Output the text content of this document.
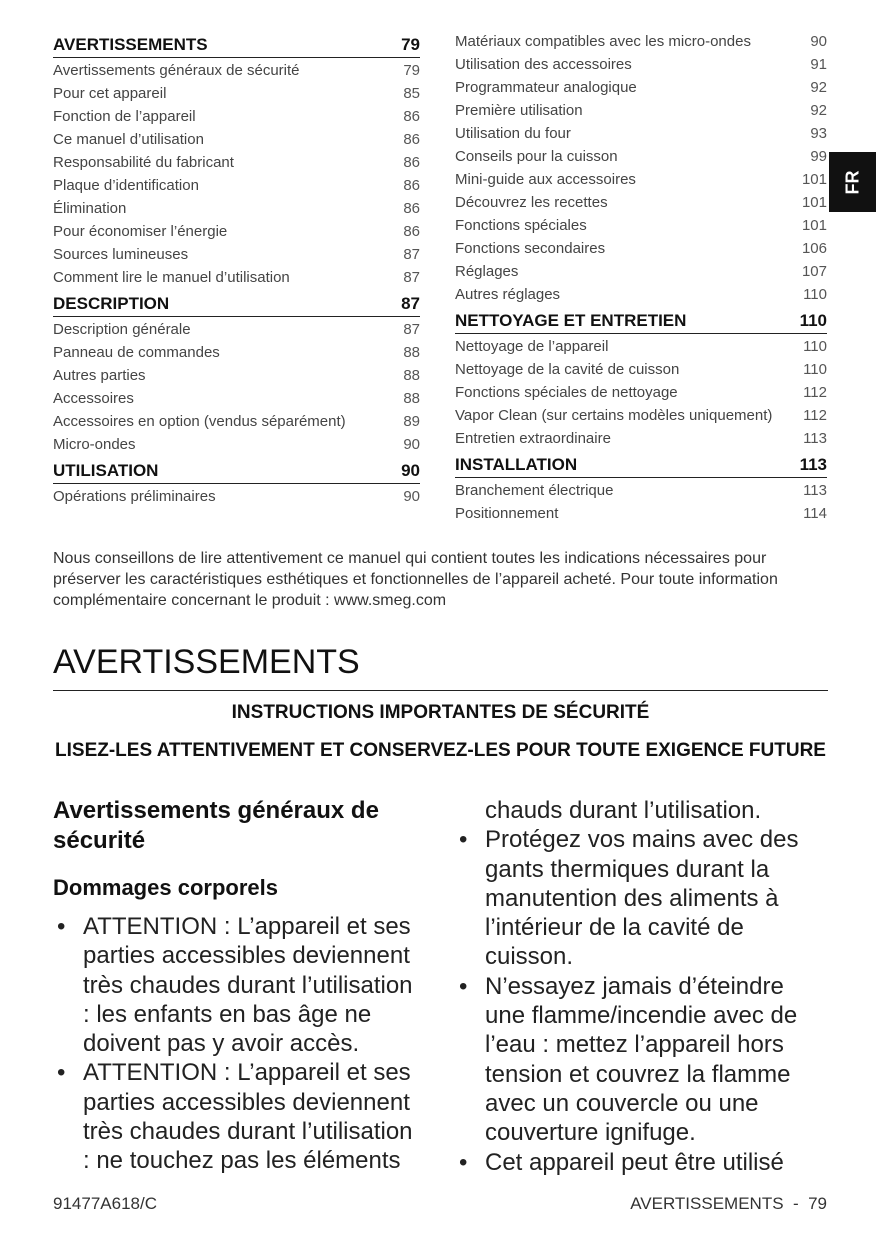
AVERTISSEMENTS	79
Avertissements généraux de sécurité	79
Pour cet appareil	85
Fonction de l’appareil	86
Ce manuel d’utilisation	86
Responsabilité du fabricant	86
Plaque d’identification	86
Élimination	86
Pour économiser l’énergie	86
Sources lumineuses	87
Comment lire le manuel d’utilisation	87
DESCRIPTION	87
Description générale	87
Panneau de commandes	88
Autres parties	88
Accessoires	88
Accessoires en option (vendus séparément)	89
Micro-ondes	90
UTILISATION	90
Opérations préliminaires	90
Matériaux compatibles avec les micro-ondes	90
Utilisation des accessoires	91
Programmateur analogique	92
Première utilisation	92
Utilisation du four	93
Conseils pour la cuisson	99
Mini-guide aux accessoires	101
Découvrez les recettes	101
Fonctions spéciales	101
Fonctions secondaires	106
Réglages	107
Autres réglages	110
NETTOYAGE ET ENTRETIEN	110
Nettoyage de l’appareil	110
Nettoyage de la cavité de cuisson	110
Fonctions spéciales de nettoyage	112
Vapor Clean (sur certains modèles uniquement) 112
Entretien extraordinaire	113
INSTALLATION	113
Branchement électrique	113
Positionnement	114
FR
Nous conseillons de lire attentivement ce manuel qui contient toutes les indications nécessaires pour préserver les caractéristiques esthétiques et fonctionnelles de l’appareil acheté. Pour toute information complémentaire concernant le produit : www.smeg.com
AVERTISSEMENTS
INSTRUCTIONS IMPORTANTES DE SÉCURITÉ
LISEZ-LES ATTENTIVEMENT ET CONSERVEZ-LES POUR TOUTE EXIGENCE FUTURE
Avertissements généraux de sécurité
Dommages corporels
• ATTENTION : L’appareil et ses parties accessibles deviennent très chaudes durant l’utilisation : les enfants en bas âge ne doivent pas y avoir accès.
• ATTENTION : L’appareil et ses parties accessibles deviennent très chaudes durant l’utilisation : ne touchez pas les éléments
chauds durant l’utilisation.
• Protégez vos mains avec des gants thermiques durant la manutention des aliments à l’intérieur de la cavité de cuisson.
• N’essayez jamais d’éteindre une flamme/incendie avec de l’eau : mettez l’appareil hors tension et couvrez la flamme avec un couvercle ou une couverture ignifuge.
• Cet appareil peut être utilisé
91477A618/C	AVERTISSEMENTS  -  79
